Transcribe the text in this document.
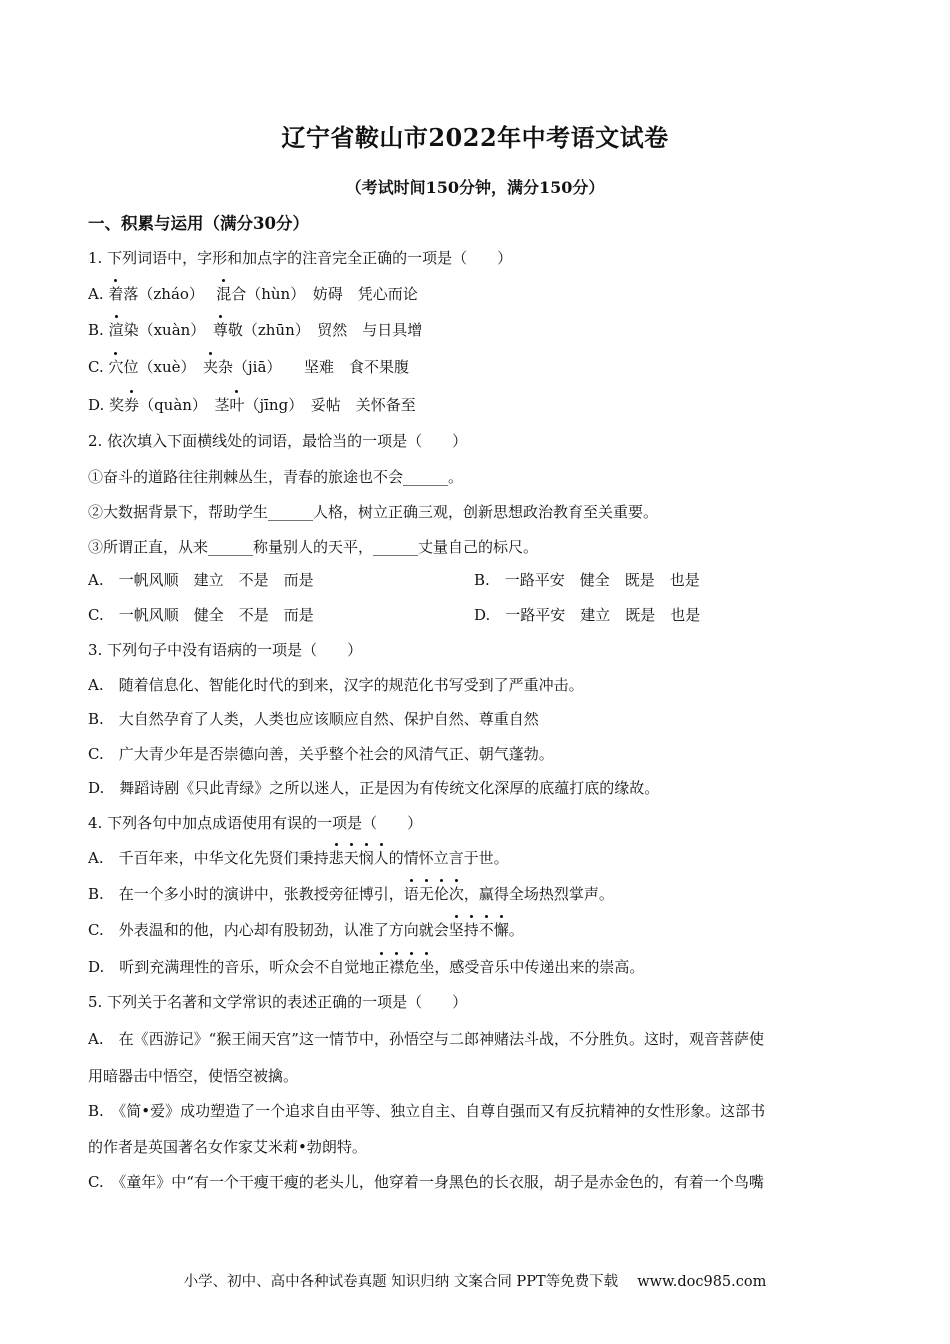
辽宁省鞍山市2022年中考语文试卷
（考试时间150分钟，满分150分）
一、积累与运用（满分30分）
1. 下列词语中，字形和加点字的注音完全正确的一项是（　　）
A. 着落（zháo）　 混合（hùn）　 妨碍　凭心而论
B. 渲染（xuàn）　 尊敬（zhūn）　 贸然　与日具增
C. 穴位（xuè）　 夹杂（jiā）　　 坚难　食不果腹
D. 奖券（quàn）　 茎叶（jīng）　 妥帖　关怀备至
2. 依次填入下面横线处的词语，最恰当的一项是（　　）
①奋斗的道路往往荆棘丛生，青春的旅途也不会______。
②大数据背景下，帮助学生______人格，树立正确三观，创新思想政治教育至关重要。
③所谓正直，从来______称量别人的天平，______丈量自己的标尺。
A.　一帆风顺　建立　不是　而是	B.　一路平安　健全　既是　也是
C.　一帆风顺　健全　不是　而是	D.　一路平安　建立　既是　也是
3. 下列句子中没有语病的一项是（　　）
A.　随着信息化、智能化时代的到来，汉字的规范化书写受到了严重冲击。
B.　大自然孕育了人类，人类也应该顺应自然、保护自然、尊重自然
C.　广大青少年是否崇德向善，关乎整个社会的风清气正、朝气蓬勃。
D.　舞蹈诗剧《只此青绿》之所以迷人，正是因为有传统文化深厚的底蕴打底的缘故。
4. 下列各句中加点成语使用有误的一项是（　　）
A.　千百年来，中华文化先贤们秉持悲天悯人的情怀立言于世。
B.　在一个多小时的演讲中，张教授旁征博引，语无伦次，赢得全场热烈掌声。
C.　外表温和的他，内心却有股韧劲，认准了方向就会坚持不懈。
D.　听到充满理性的音乐，听众会不自觉地正襟危坐，感受音乐中传递出来的崇高。
5. 下列关于名著和文学常识的表述正确的一项是（　　）
A.　在《西游记》“猴王闹天宫”这一情节中，孙悟空与二郎神赌法斗战，不分胜负。这时，观音菩萨使
用暗器击中悟空，使悟空被擒。
B.　《简•爱》成功塑造了一个追求自由平等、独立自主、自尊自强而又有反抗精神的女性形象。这部书
的作者是英国著名女作家艾米莉•勃朗特。
C.　《童年》中“有一个干瘦干瘦的老头儿，他穿着一身黑色的长衣服，胡子是赤金色的，有着一个鸟嘴
小学、初中、高中各种试卷真题 知识归纳 文案合同 PPT等免费下载　 www.doc985.com
